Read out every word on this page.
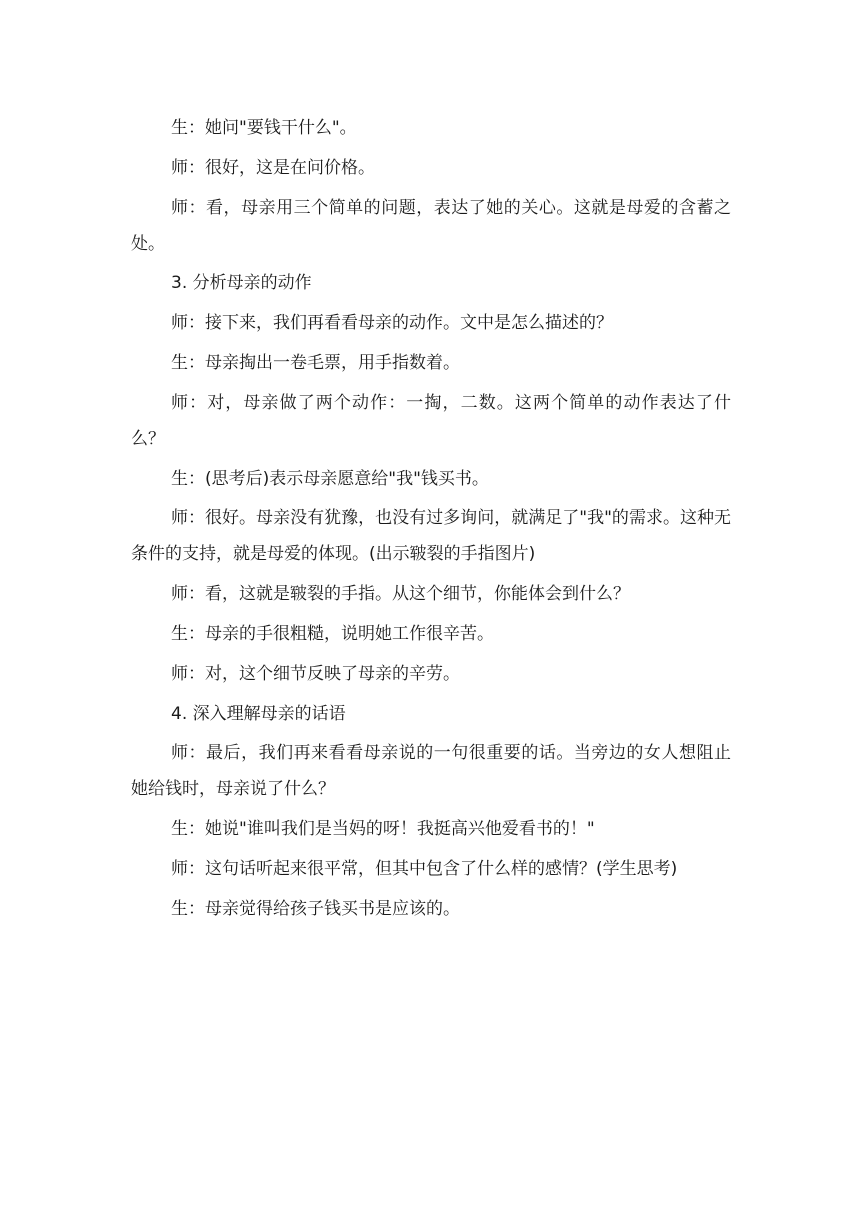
生：她问"要钱干什么"。

师：很好，这是在问价格。

师：看，母亲用三个简单的问题，表达了她的关心。这就是母爱的含蓄之处。

3. 分析母亲的动作

师：接下来，我们再看看母亲的动作。文中是怎么描述的？

生：母亲掏出一卷毛票，用手指数着。

师：对，母亲做了两个动作：一掏，二数。这两个简单的动作表达了什么？

生：(思考后)表示母亲愿意给"我"钱买书。

师：很好。母亲没有犹豫，也没有过多询问，就满足了"我"的需求。这种无条件的支持，就是母爱的体现。(出示皲裂的手指图片)

师：看，这就是皲裂的手指。从这个细节，你能体会到什么？

生：母亲的手很粗糙，说明她工作很辛苦。

师：对，这个细节反映了母亲的辛劳。

4. 深入理解母亲的话语

师：最后，我们再来看看母亲说的一句很重要的话。当旁边的女人想阻止她给钱时，母亲说了什么？

生：她说"谁叫我们是当妈的呀！我挺高兴他爱看书的！"

师：这句话听起来很平常，但其中包含了什么样的感情？(学生思考)

生：母亲觉得给孩子钱买书是应该的。
